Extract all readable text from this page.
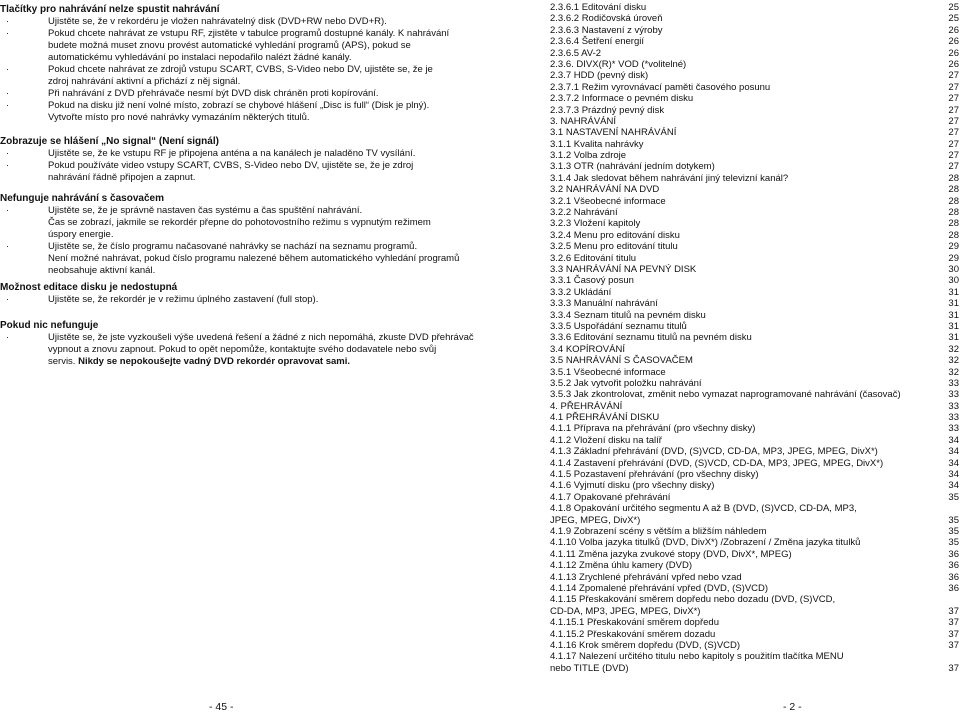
Tlačítky pro nahrávání nelze spustit nahrávání
·	Ujistěte se, že v rekordéru je vložen nahrávatelný disk (DVD+RW nebo DVD+R).
·	Pokud chcete nahrávat ze vstupu RF, zjistěte v tabulce programů dostupné kanály. K nahrávání
budete možná muset znovu provést automatické vyhledání programů (APS), pokud se
automatickému vyhledávání po instalaci nepodařilo nalézt žádné kanály.
·	Pokud chcete nahrávat ze zdrojů vstupu SCART, CVBS, S-Video nebo DV, ujistěte se, že je
zdroj nahrávání aktivní a přichází z něj signál.
·	Při nahrávání z DVD přehrávače nesmí být DVD disk chráněn proti kopírování.
·	Pokud na disku již není volné místo, zobrazí se chybové hlášení „Disc is full“ (Disk je plný).
Vytvořte místo pro nové nahrávky vymazáním některých titulů.
Zobrazuje se hlášení „No signal“ (Není signál)
·	Ujistěte se, že ke vstupu RF je připojena anténa a na kanálech je naladěno TV vysílání.
·	Pokud používáte video vstupy SCART, CVBS, S-Video nebo DV, ujistěte se, že je zdroj
nahrávání řádně připojen a zapnut.
Nefunguje nahrávání s časovačem
·	Ujistěte se, že je správně nastaven čas systému a čas spuštění nahrávání.
Čas se zobrazí, jakmile se rekordér přepne do pohotovostního režimu s vypnutým režimem
úspory energie.
·	Ujistěte se, že číslo programu načasované nahrávky se nachází na seznamu programů.
Není možné nahrávat, pokud číslo programu nalezené během automatického vyhledání programů
neobsahuje aktivní kanál.
Možnost editace disku je nedostupná
·	Ujistěte se, že rekordér je v režimu úplného zastavení (full stop).
Pokud nic nefunguje
·	Ujistěte se, že jste vyzkoušeli výše uvedená řešení a žádné z nich nepomáhá, zkuste DVD přehrávač
vypnout a znovu zapnout. Pokud to opět nepomůže, kontaktujte svého dodavatele nebo svůj
servis. Nikdy se nepokoušejte vadný DVD rekordér opravovat sami.
2.3.6.1 Editování disku	25
2.3.6.2 Rodičovská úroveň	25
2.3.6.3 Nastavení z výroby	26
2.3.6.4 Šetření energií	26
2.3.6.5 AV-2	26
2.3.6. DIVX(R)* VOD (*volitelné)	26
2.3.7 HDD (pevný disk)	27
2.3.7.1 Režim vyrovnávací paměti časového posunu	27
2.3.7.2 Informace o pevném disku	27
2.3.7.3 Prázdný pevný disk	27
3. NAHRÁVÁNÍ	27
3.1 NASTAVENÍ NAHRÁVÁNÍ	27
3.1.1 Kvalita nahrávky	27
3.1.2 Volba zdroje	27
3.1.3 OTR (nahrávání jedním dotykem)	27
3.1.4 Jak sledovat během nahrávání jiný televizní kanál?	28
3.2 NAHRÁVÁNÍ NA DVD	28
3.2.1 Všeobecné informace	28
3.2.2 Nahrávání	28
3.2.3 Vložení kapitoly	28
3.2.4 Menu pro editování disku	28
3.2.5 Menu pro editování titulu	29
3.2.6 Editování titulu	29
3.3 NAHRÁVÁNÍ NA PEVNÝ DISK	30
3.3.1 Časový posun	30
3.3.2 Ukládání	31
3.3.3 Manuální nahrávání	31
3.3.4 Seznam titulů na pevném disku	31
3.3.5 Uspořádání seznamu titulů	31
3.3.6 Editování seznamu titulů na pevném disku	31
3.4 KOPÍROVÁNÍ	32
3.5 NAHRÁVÁNÍ S ČASOVAČEM	32
3.5.1 Všeobecné informace	32
3.5.2 Jak vytvořit položku nahrávání	33
3.5.3 Jak zkontrolovat, změnit nebo vymazat naprogramované nahrávání (časovač)	33
4. PŘEHRÁVÁNÍ	33
4.1 PŘEHRÁVÁNÍ DISKU	33
4.1.1 Příprava na přehrávání (pro všechny disky)	33
4.1.2 Vložení disku na talíř	34
4.1.3 Základní přehrávání (DVD, (S)VCD, CD-DA, MP3, JPEG, MPEG, DivX*)	34
4.1.4 Zastavení přehrávání (DVD, (S)VCD, CD-DA, MP3, JPEG, MPEG, DivX*)	34
4.1.5 Pozastavení přehrávání (pro všechny disky)	34
4.1.6 Vyjmutí disku (pro všechny disky)	34
4.1.7 Opakované přehrávání	35
4.1.8 Opakování určitého segmentu A až B (DVD, (S)VCD, CD-DA, MP3,
JPEG, MPEG, DivX*)	35
4.1.9 Zobrazení scény s větším a bližším náhledem	35
4.1.10 Volba jazyka titulků (DVD, DivX*) /Zobrazení / Změna jazyka titulků	35
4.1.11 Změna jazyka zvukové stopy (DVD, DivX*, MPEG)	36
4.1.12 Změna úhlu kamery (DVD)	36
4.1.13 Zrychlené přehrávání vpřed nebo vzad	36
4.1.14 Zpomalené přehrávání vpřed (DVD, (S)VCD)	36
4.1.15 Přeskakování směrem dopředu nebo dozadu (DVD, (S)VCD,
CD-DA, MP3, JPEG, MPEG, DivX*)	37
4.1.15.1 Přeskakování směrem dopředu	37
4.1.15.2 Přeskakování směrem dozadu	37
4.1.16 Krok směrem dopředu (DVD, (S)VCD)	37
4.1.17 Nalezení určitého titulu nebo kapitoly s použitím tlačítka MENU
nebo TITLE (DVD)	37
- 45 -	- 2 -
